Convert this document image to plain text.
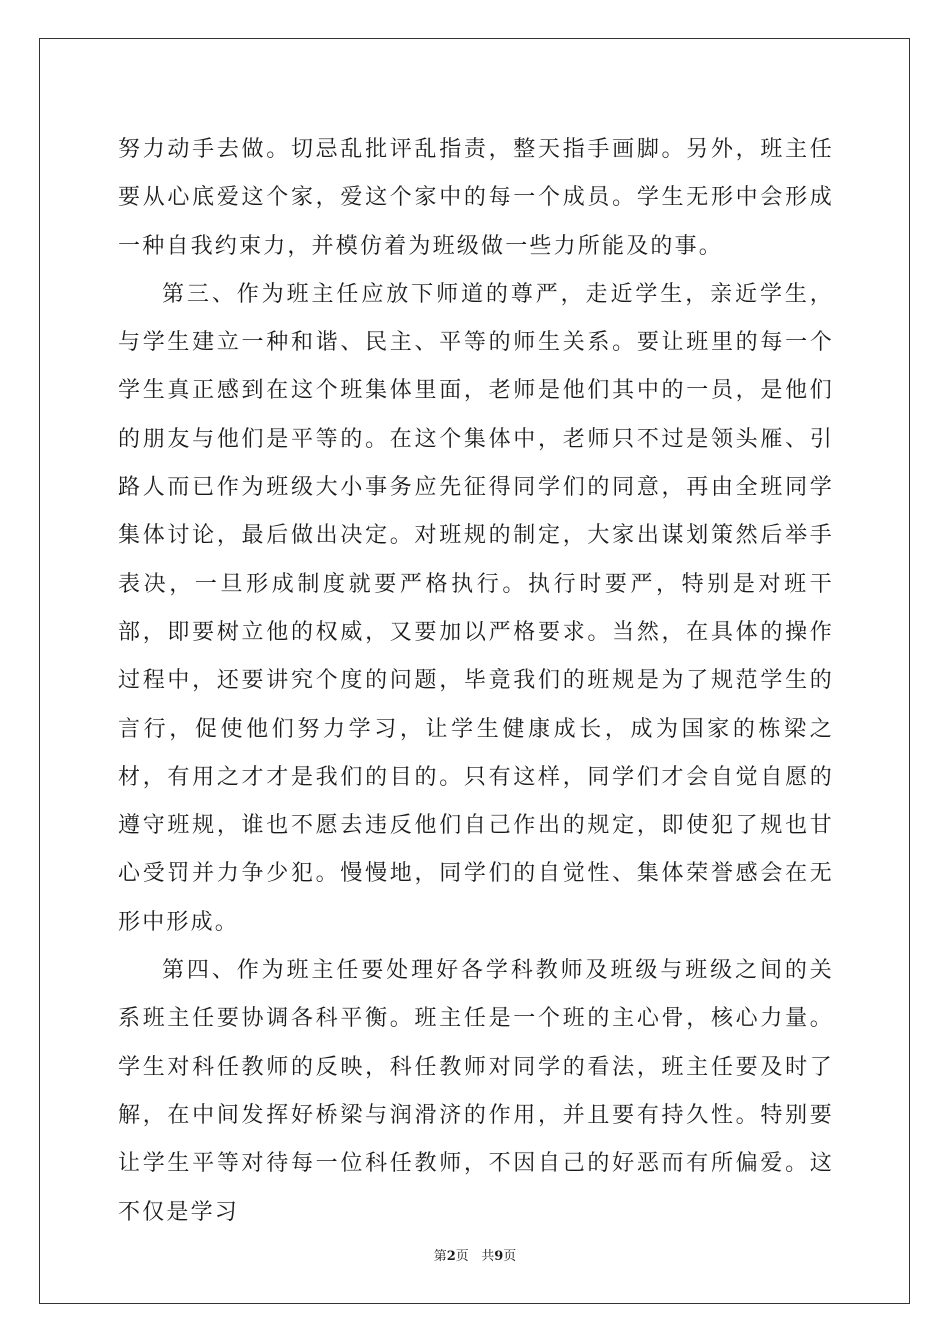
努力动手去做。切忌乱批评乱指责，整天指手画脚。另外，班主任要从心底爱这个家，爱这个家中的每一个成员。学生无形中会形成一种自我约束力，并模仿着为班级做一些力所能及的事。

第三、作为班主任应放下师道的尊严，走近学生，亲近学生，与学生建立一种和谐、民主、平等的师生关系。要让班里的每一个学生真正感到在这个班集体里面，老师是他们其中的一员，是他们的朋友与他们是平等的。在这个集体中，老师只不过是领头雁、引路人而已作为班级大小事务应先征得同学们的同意，再由全班同学集体讨论，最后做出决定。对班规的制定，大家出谋划策然后举手表决，一旦形成制度就要严格执行。执行时要严，特别是对班干部，即要树立他的权威，又要加以严格要求。当然，在具体的操作过程中，还要讲究个度的问题，毕竟我们的班规是为了规范学生的言行，促使他们努力学习，让学生健康成长，成为国家的栋梁之材，有用之才才是我们的目的。只有这样，同学们才会自觉自愿的遵守班规，谁也不愿去违反他们自己作出的规定，即使犯了规也甘心受罚并力争少犯。慢慢地，同学们的自觉性、集体荣誉感会在无形中形成。

第四、作为班主任要处理好各学科教师及班级与班级之间的关系班主任要协调各科平衡。班主任是一个班的主心骨，核心力量。学生对科任教师的反映，科任教师对同学的看法，班主任要及时了解，在中间发挥好桥梁与润滑济的作用，并且要有持久性。特别要让学生平等对待每一位科任教师，不因自己的好恶而有所偏爱。这不仅是学习

第2页 共9页
